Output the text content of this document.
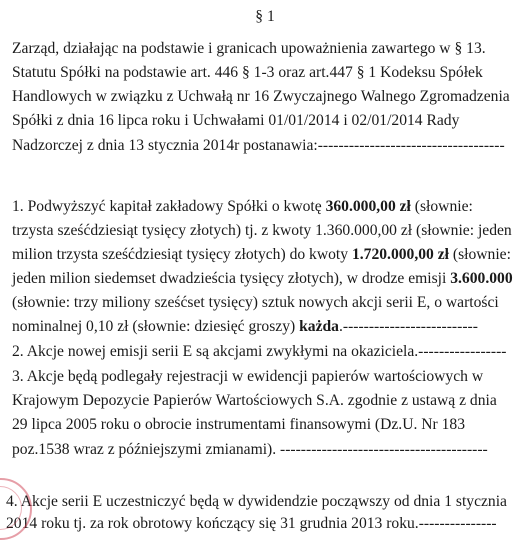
§ 1
Zarząd, działając na podstawie i granicach upoważnienia zawartego w § 13.
Statutu Spółki na podstawie art. 446 § 1-3 oraz art.447 § 1 Kodeksu Spółek
Handlowych w związku z Uchwałą nr 16 Zwyczajnego Walnego Zgromadzenia
Spółki z dnia 16 lipca roku i Uchwałami 01/01/2014 i 02/01/2014 Rady
Nadzorczej z dnia 13 stycznia 2014r postanawia:------------------------------------
1. Podwyższyć kapitał zakładowy Spółki o kwotę 360.000,00 zł (słownie:
trzysta sześćdziesiąt tysięcy złotych) tj. z kwoty 1.360.000,00 zł (słownie: jeden
milion trzysta sześćdziesiąt tysięcy złotych) do kwoty 1.720.000,00 zł (słownie:
jeden milion siedemset dwadzieścia tysięcy złotych), w drodze emisji 3.600.000
(słownie: trzy miliony sześćset tysięcy) sztuk nowych akcji serii E, o wartości
nominalnej 0,10 zł (słownie: dziesięć groszy) każda.--------------------------
2. Akcje nowej emisji serii E są akcjami zwykłymi na okaziciela.-----------------
3. Akcje będą podlegały rejestracji w ewidencji papierów wartościowych w
Krajowym Depozycie Papierów Wartościowych S.A. zgodnie z ustawą z dnia
29 lipca 2005 roku o obrocie instrumentami finansowymi (Dz.U. Nr 183
poz.1538 wraz z późniejszymi zmianami). ----------------------------------------
4. Akcje serii E uczestniczyć będą w dywidendzie począwszy od dnia 1 stycznia
2014 roku tj. za rok obrotowy kończący się 31 grudnia 2013 roku.---------------
